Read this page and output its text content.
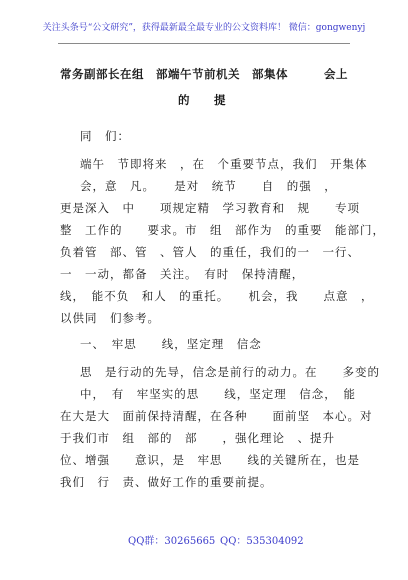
关注头条号“公文研究”，获得最新最全最专业的公文资料库！ 微信：gongwenyj
常务副部长在组　部端午节前机关　部集体　　　会上
的　　提
同　们：
端午　节即将来　，在　个重要节点，我们　开集体
会，意　凡。　　是对　统节　　自　的强　，
更是深入　中　　项规定精　学习教育和　规　　专项
整　工作的　　要求。市　组　部作为　的重要　能部门，
负着管　部、管　、管人　的重任，我们的一　一行、
一　一动，都备　关注。　有时　保持清醒，
线，　能不负　和人　的重托。　　机会，我　　点意　，
以供同　们参考。
一、　牢思　　线，坚定理　信念
思　是行动的先导，信念是前行的动力。在　　多变的
中，　有　牢坚实的思　　线，坚定理　信念，　能
在大是大　面前保持清醒，在各种　　面前坚　本心。对
于我们市　组　部的　部　　，强化理论　、提升
位、增强　　意识，是　牢思　　线的关键所在，也是
我们　行　责、做好工作的重要前提。
QQ群：30265665 QQ：535304092
